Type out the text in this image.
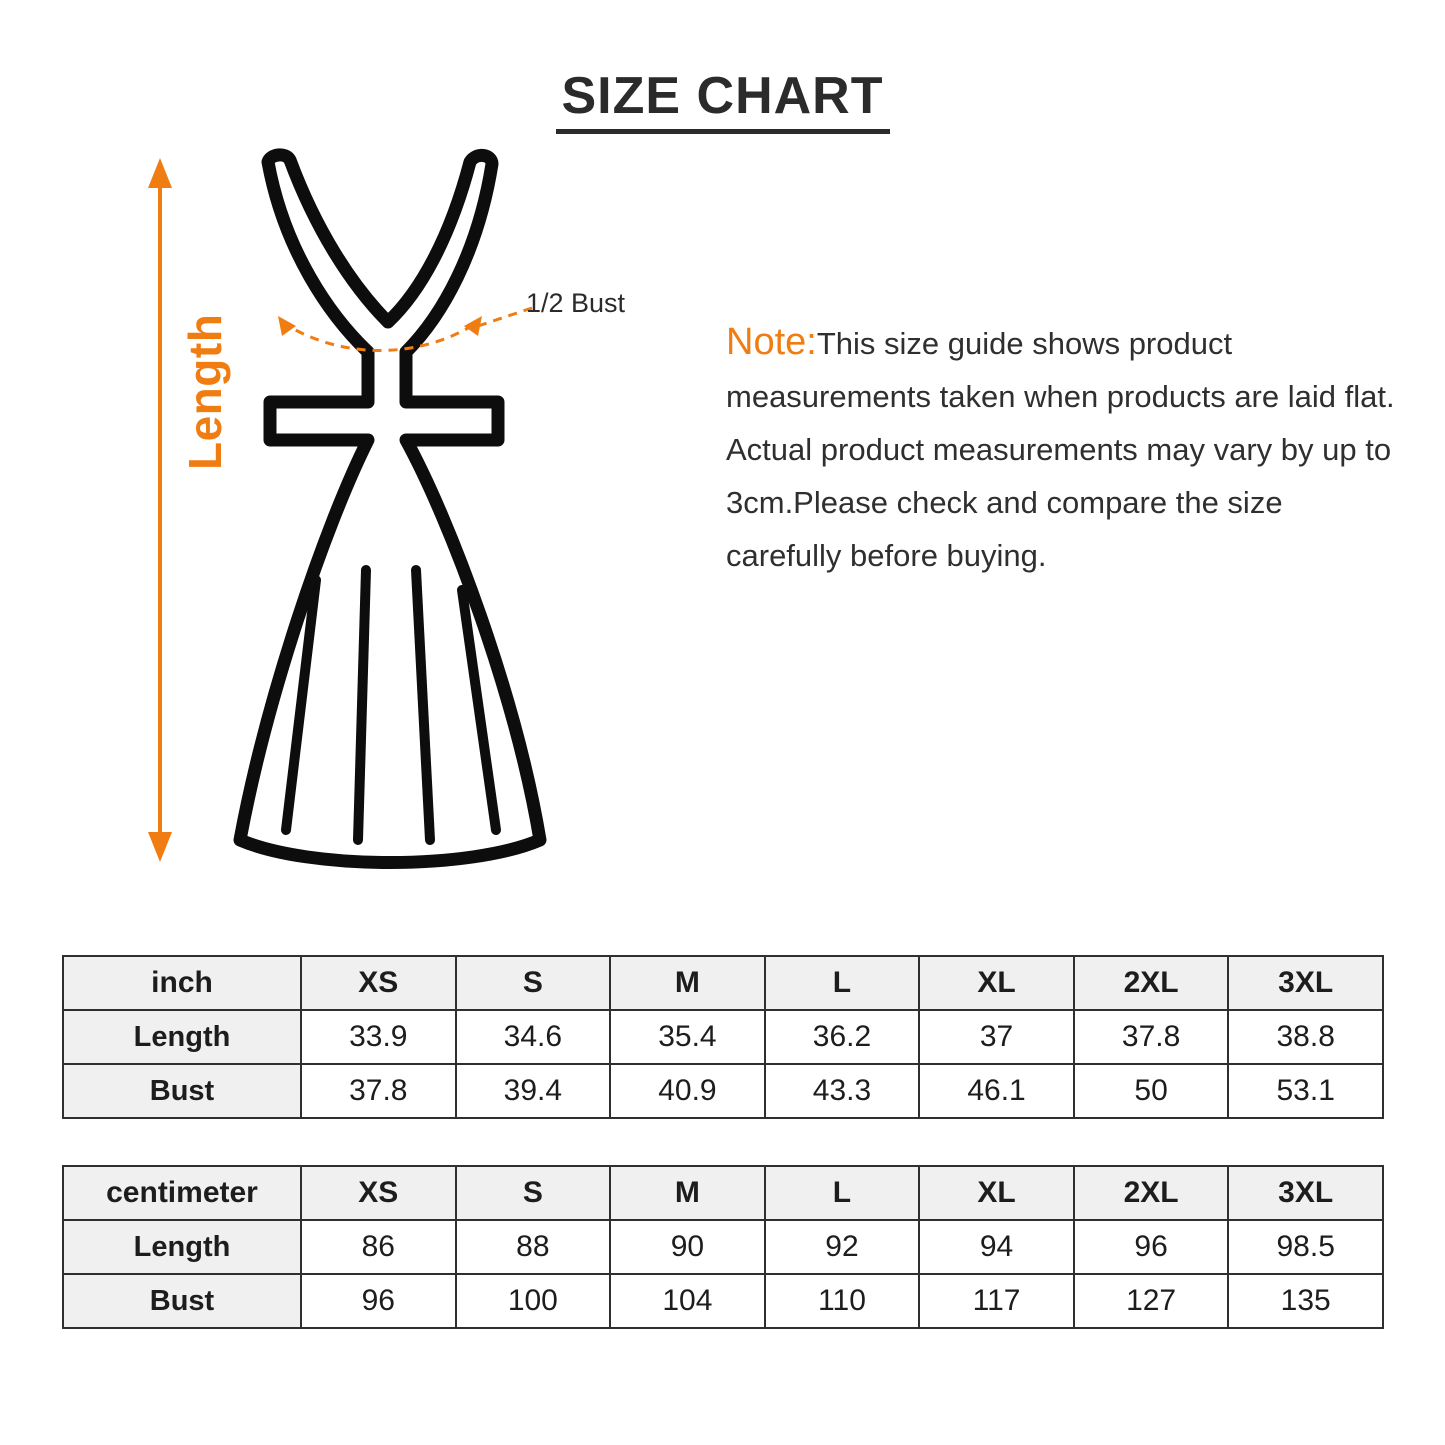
SIZE CHART
Length
1/2 Bust
Note:This size guide shows product measurements taken when products are laid flat. Actual product measurements may vary by up to 3cm.Please check and compare the size carefully before buying.
inch	XS	S	M	L	XL	2XL	3XL
Length	33.9	34.6	35.4	36.2	37	37.8	38.8
Bust	37.8	39.4	40.9	43.3	46.1	50	53.1
centimeter	XS	S	M	L	XL	2XL	3XL
Length	86	88	90	92	94	96	98.5
Bust	96	100	104	110	117	127	135
